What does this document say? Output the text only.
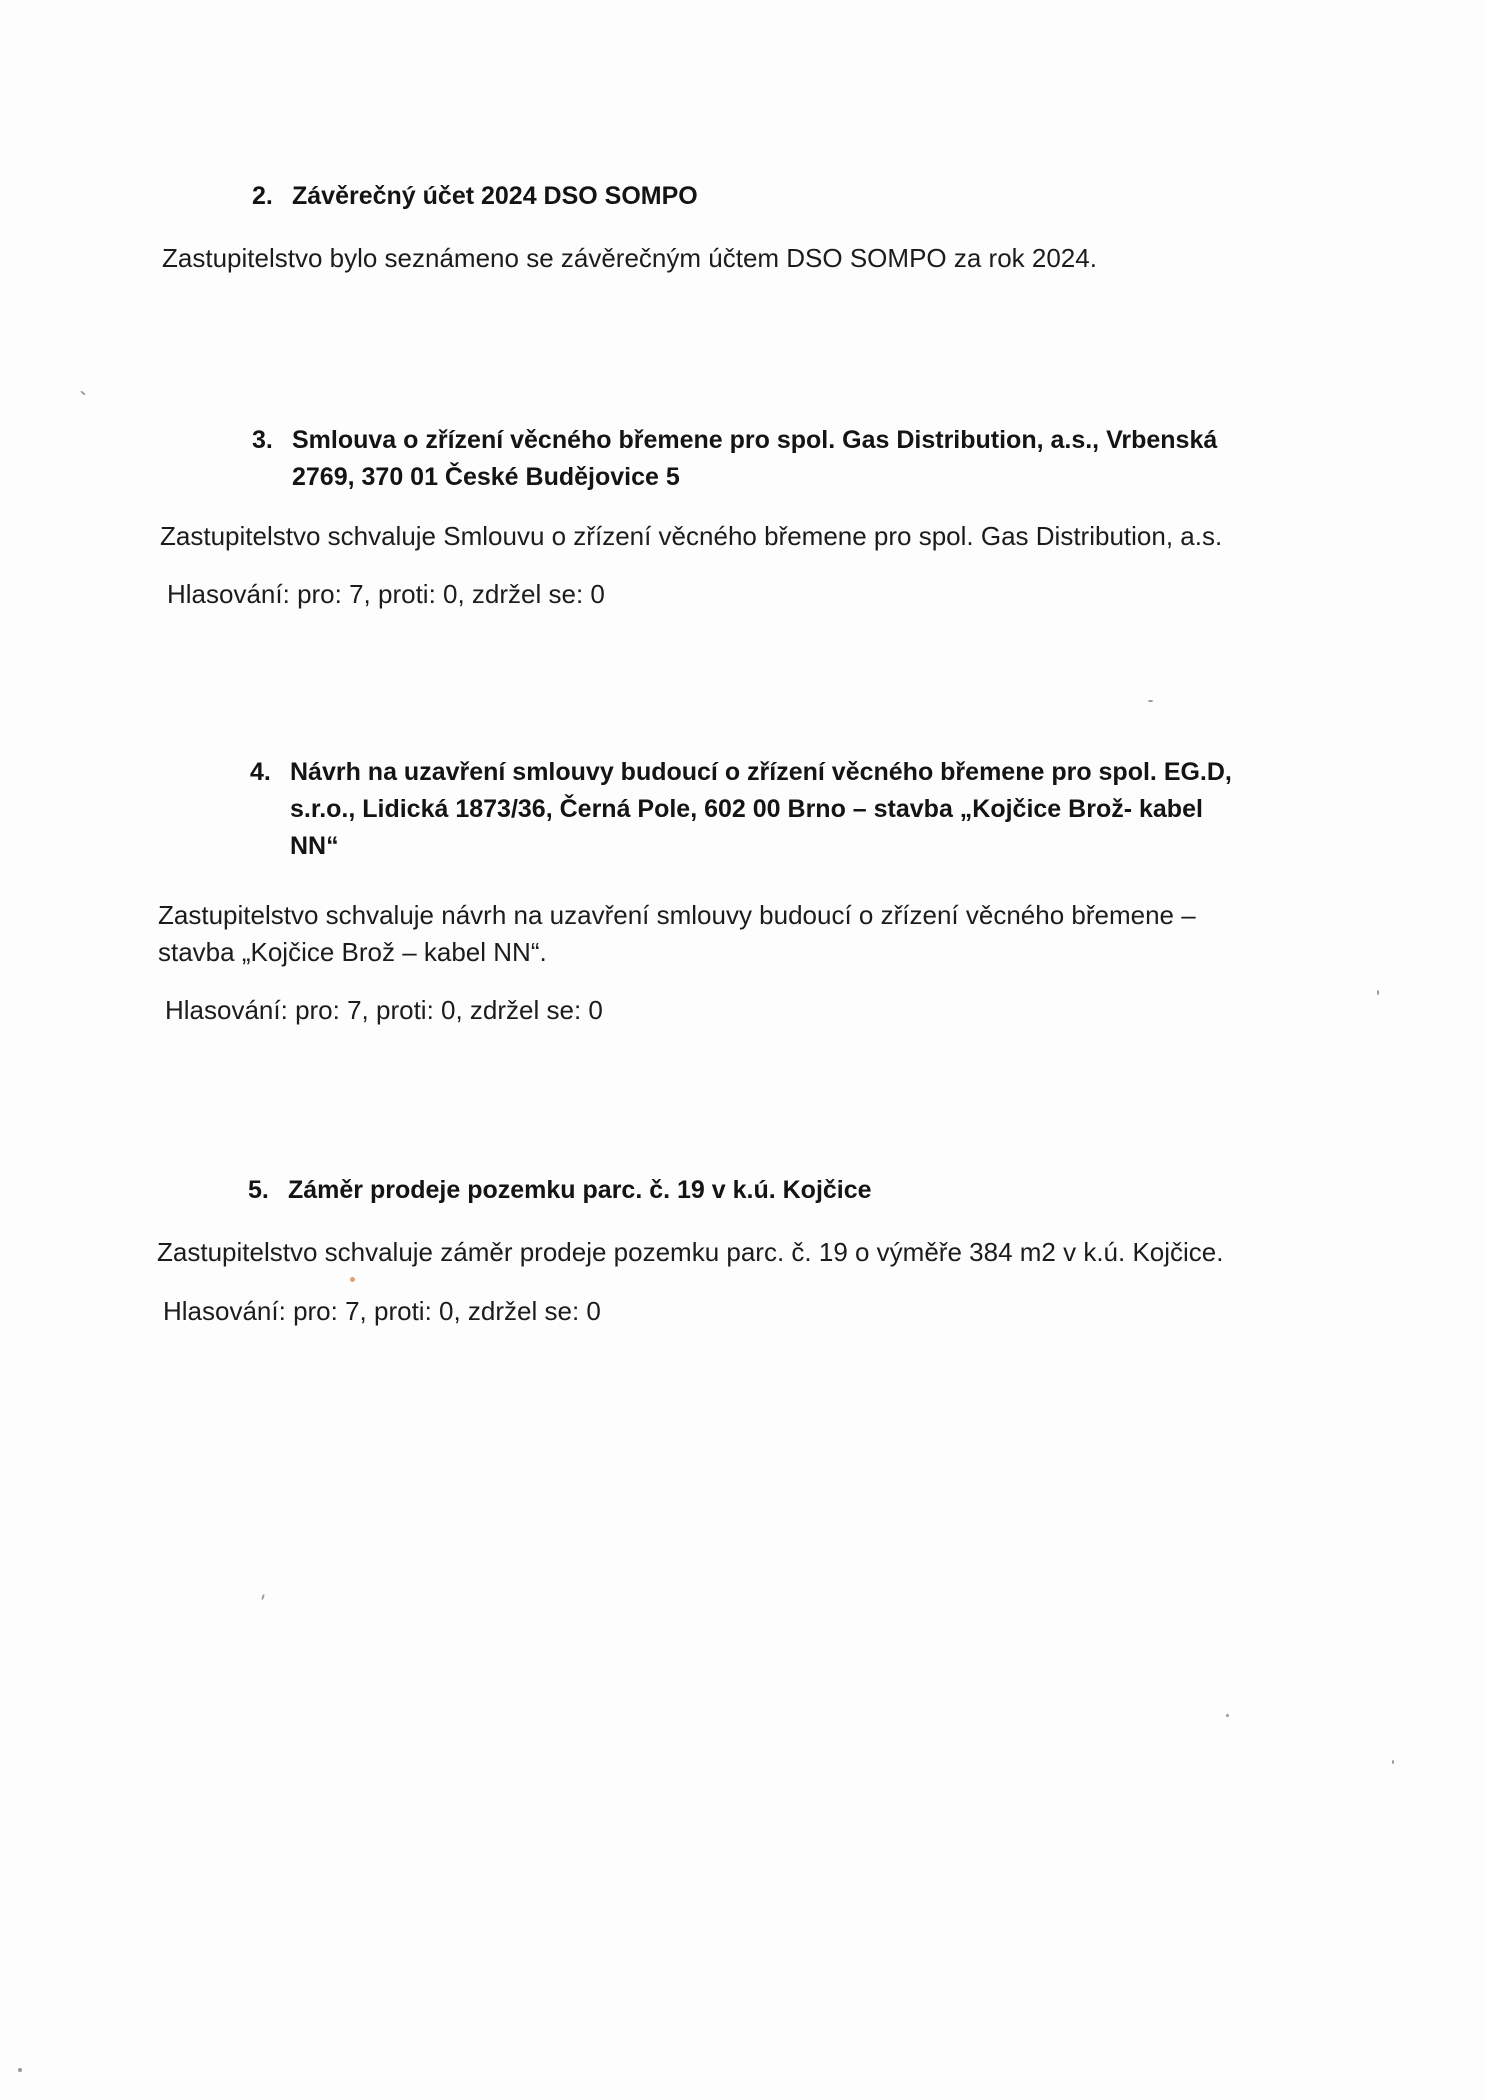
2. Závěrečný účet 2024 DSO SOMPO
Zastupitelstvo bylo seznámeno se závěrečným účtem DSO SOMPO za rok 2024.
3. Smlouva o zřízení věcného břemene pro spol. Gas Distribution, a.s., Vrbenská
2769, 370 01 České Budějovice 5
Zastupitelstvo schvaluje Smlouvu o zřízení věcného břemene pro spol. Gas Distribution, a.s.
Hlasování: pro: 7, proti: 0, zdržel se: 0
4. Návrh na uzavření smlouvy budoucí o zřízení věcného břemene pro spol. EG.D,
s.r.o., Lidická 1873/36, Černá Pole, 602 00 Brno – stavba „Kojčice Brož- kabel
NN“
Zastupitelstvo schvaluje návrh na uzavření smlouvy budoucí o zřízení věcného břemene –
stavba „Kojčice Brož – kabel NN“.
Hlasování: pro: 7, proti: 0, zdržel se: 0
5. Záměr prodeje pozemku parc. č. 19 v k.ú. Kojčice
Zastupitelstvo schvaluje záměr prodeje pozemku parc. č. 19 o výměře 384 m2 v k.ú. Kojčice.
Hlasování: pro: 7, proti: 0, zdržel se: 0
